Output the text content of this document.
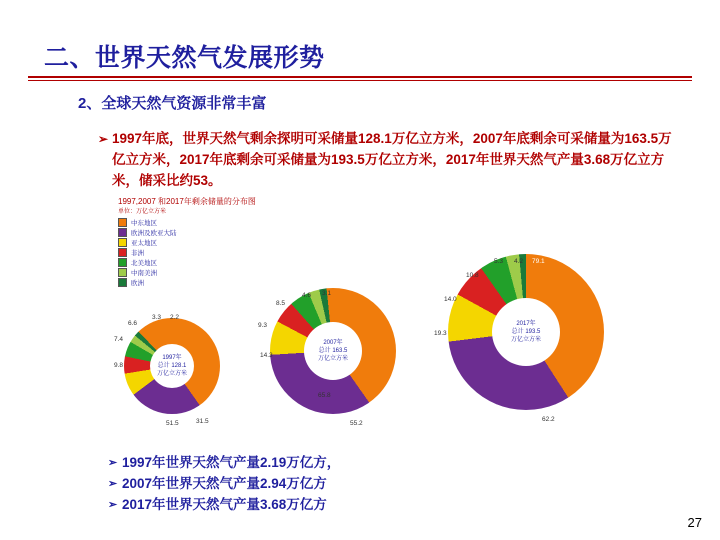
二、世界天然气发展形势
2、全球天然气资源非常丰富
➢ 1997年底，世界天然气剩余探明可采储量128.1万亿立方米，2007年底剩余可采储量为163.5万亿立方米，2017年底剩余可采储量为193.5万亿立方米，2017年世界天然气产量3.68万亿立方米，储采比约53。
1997,2007 和2017年剩余储量的分布图
单位：万亿立方米
中东地区
欧洲及欧亚大陆
亚太地区
非洲
北美地区
中南美洲
欧洲
1997年
总计 128.1
万亿立方米
51.5	31.5
9.8
7.4
6.6
3.3 2.2
2007年
总计 163.5
万亿立方米
65.8
55.2
14.3
9.3
8.5
4.6 3.1
2017年
总计 193.5
万亿立方米
79.1
62.2
19.3
14.0
10.8
5.3 4.2
➢ 1997年世界天然气产量2.19万亿方，
➢ 2007年世界天然气产量2.94万亿方
➢ 2017年世界天然气产量3.68万亿方
27
